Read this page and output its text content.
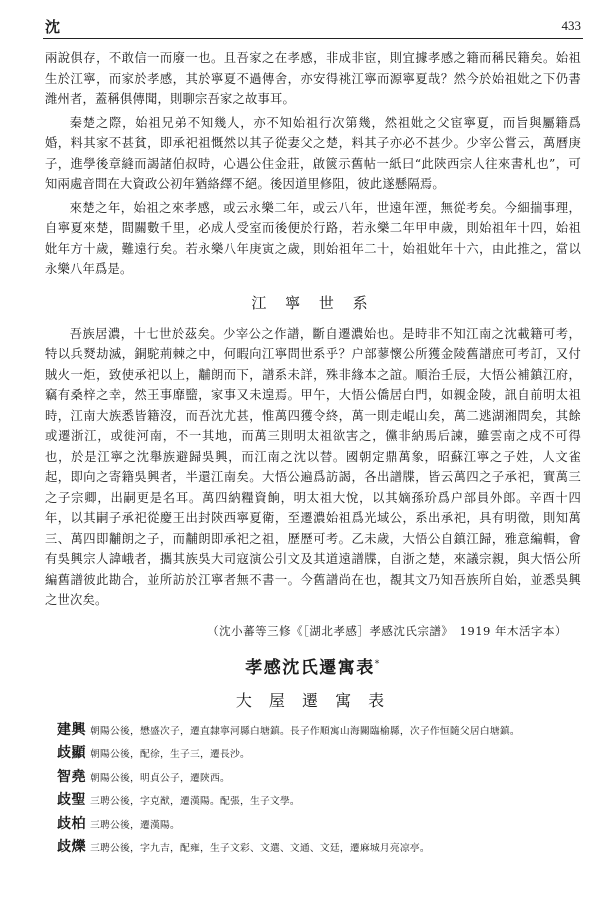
沈	433

兩說俱存，不敢信一而廢一也。且吾家之在孝感，非成非宦，則宜據孝感之籍而稱民籍矣。始祖生於江寧，而家於孝感，其於寧夏不過傳舍，亦安得祧江寧而源寧夏哉？然今於始祖妣之下仍書潍州者，蓋稱俱傳聞，則聊宗吾家之故事耳。

秦楚之際，始祖兄弟不知幾人，亦不知始祖行次第幾，然祖妣之父宦寧夏，而旨與屬籍爲婚，料其家不甚貧，即承祀祖慨然以其子從妻父之楚，料其子亦必不甚少。少宰公嘗云，萬曆庚子，進學後章縫而謁諸伯叔時，心遇公住金莊，啟篋示舊帖一紙曰“此陝西宗人往來書札也”，可知兩處音問在大資政公初年猶絡繹不絕。後因道里修阻，彼此遂懸隔焉。

來楚之年，始祖之來孝感，或云永樂二年，或云八年，世遠年湮，無從考矣。今細揣事理，自寧夏來楚，間關數千里，必成人受室而後便於行路，若永樂二年甲申歲，則始祖年十四，始祖妣年方十歲，難遠行矣。若永樂八年庚寅之歲，則始祖年二十，始祖妣年十六，由此推之，當以永樂八年爲是。

江 寧 世 系

吾族居濃，十七世於茲矣。少宰公之作譜，斷自遷濃始也。是時非不知江南之沈載籍可考，特以兵燹劫滅，銅駝荊棘之中，何暇向江寧問世系乎？户部蓼懷公所獲金陵舊譜庶可考訂，又付賊火一炬，致使承祀以上，黼朗而下，譜系未詳，殊非緣本之誼。順治壬辰，大悟公補鎮江府，竊有桑梓之幸，然王事靡盬，家事又未遑焉。甲午，大悟公僑居白門，如親金陵，訊自前明太祖時，江南大族悉皆籍沒，而吾沈尤甚，惟萬四獲令終，萬一則走崐山矣，萬二逃湖湘問矣，其餘或遷浙江，或徙河南，不一其地，而萬三則明太祖欲害之，儻非納馬后諫，雖雲南之戍不可得也，於是江寧之沈舉族避歸吳興，而江南之沈以替。國朝定鼎萬象，昭蘇江寧之子姓，人文雀起，即向之寄籍吳興者，半還江南矣。大悟公遍爲訪謁，各出譜牒，皆云萬四之子承祀，實萬三之子宗卿，出嗣更是名耳。萬四納糧資餉，明太祖大悅，以其嫡孫玠爲户部員外郎。辛酉十四年，以其嗣子承祀從慶王出封陝西寧夏衛，至遷濃始祖爲光域公，系出承祀，具有明徵，則知萬三、萬四即黼朗之子，而黼朗即承祀之祖，歷歷可考。乙未歲，大悟公自鎮江歸，雅意編輯，會有吳興宗人諱峨者，攜其族吳大司寇演公引文及其道遠譜牒，自浙之楚，來議宗親，與大悟公所編舊譜彼此勘合，並所訪於江寧者無不書一。今舊譜尚在也，覩其文乃知吾族所自始，並悉吳興之世次矣。

（沈小蕃等三修《［湖北孝感］孝感沈氏宗譜》　1919 年木活字本）
孝感沈氏遷寓表*
大 屋 遷 寓 表
建興 朝陽公後，懋盛次子，遷直隸寧河縣白塘鎮。長子作順寓山海關臨榆縣，次子作恒隨父居白塘鎮。
歧顯 朝陽公後，配徐，生子三，遷長沙。
智堯 朝陽公後，明貞公子，遷陝西。
歧聖 三聘公後，字克猷，遷漢陽。配張，生子文學。
歧柏 三聘公後，遷漢陽。
歧爍 三聘公後，字九吉，配雍，生子文彩、文選、文通、文廷，遷麻城月亮凉亭。
